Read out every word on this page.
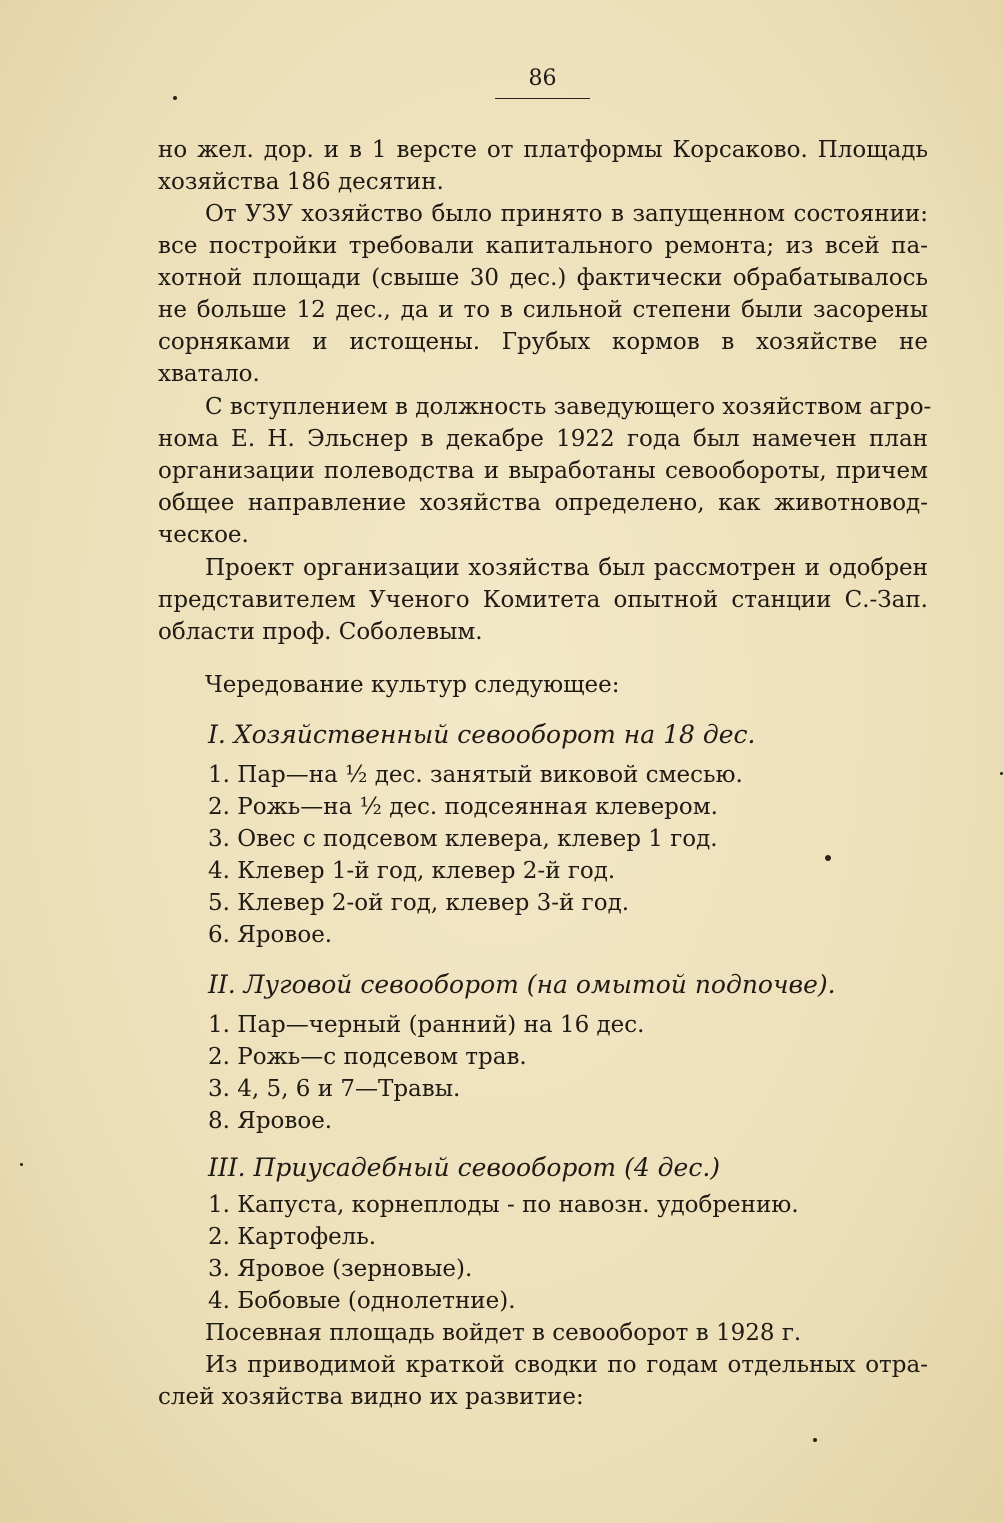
86
но жел. дор. и в 1 версте от платформы Корсаково. Площадь
хозяйства 186 десятин.
От УЗУ хозяйство было принято в запущенном состоянии:
все постройки требовали капитального ремонта; из всей па-
хотной площади (свыше 30 дес.) фактически обрабатывалось
не больше 12 дес., да и то в сильной степени были засорены
сорняками и истощены. Грубых кормов в хозяйстве не
хватало.
С вступлением в должность заведующего хозяйством агро-
нома Е. Н. Эльснер в декабре 1922 года был намечен план
организации полеводства и выработаны севообороты, причем
общее направление хозяйства определено, как животновод-
ческое.
Проект организации хозяйства был рассмотрен и одобрен
представителем Ученого Комитета опытной станции С.-Зап.
области проф. Соболевым.
Чередование культур следующее:
I. Хозяйственный севооборот на 18 дес.
1. Пар—на ½ дес. занятый виковой смесью.
2. Рожь—на ½ дес. подсеянная клевером.
3. Овес с подсевом клевера, клевер 1 год.
4. Клевер 1-й год, клевер 2-й год.
5. Клевер 2-ой год, клевер 3-й год.
6. Яровое.
II. Луговой севооборот (на омытой подпочве).
1. Пар—черный (ранний) на 16 дес.
2. Рожь—с подсевом трав.
3. 4, 5, 6 и 7—Травы.
8. Яровое.
III. Приусадебный севооборот (4 дес.)
1. Капуста, корнеплоды - по навозн. удобрению.
2. Картофель.
3. Яровое (зерновые).
4. Бобовые (однолетние).
Посевная площадь войдет в севооборот в 1928 г.
Из приводимой краткой сводки по годам отдельных отра-
слей хозяйства видно их развитие:
